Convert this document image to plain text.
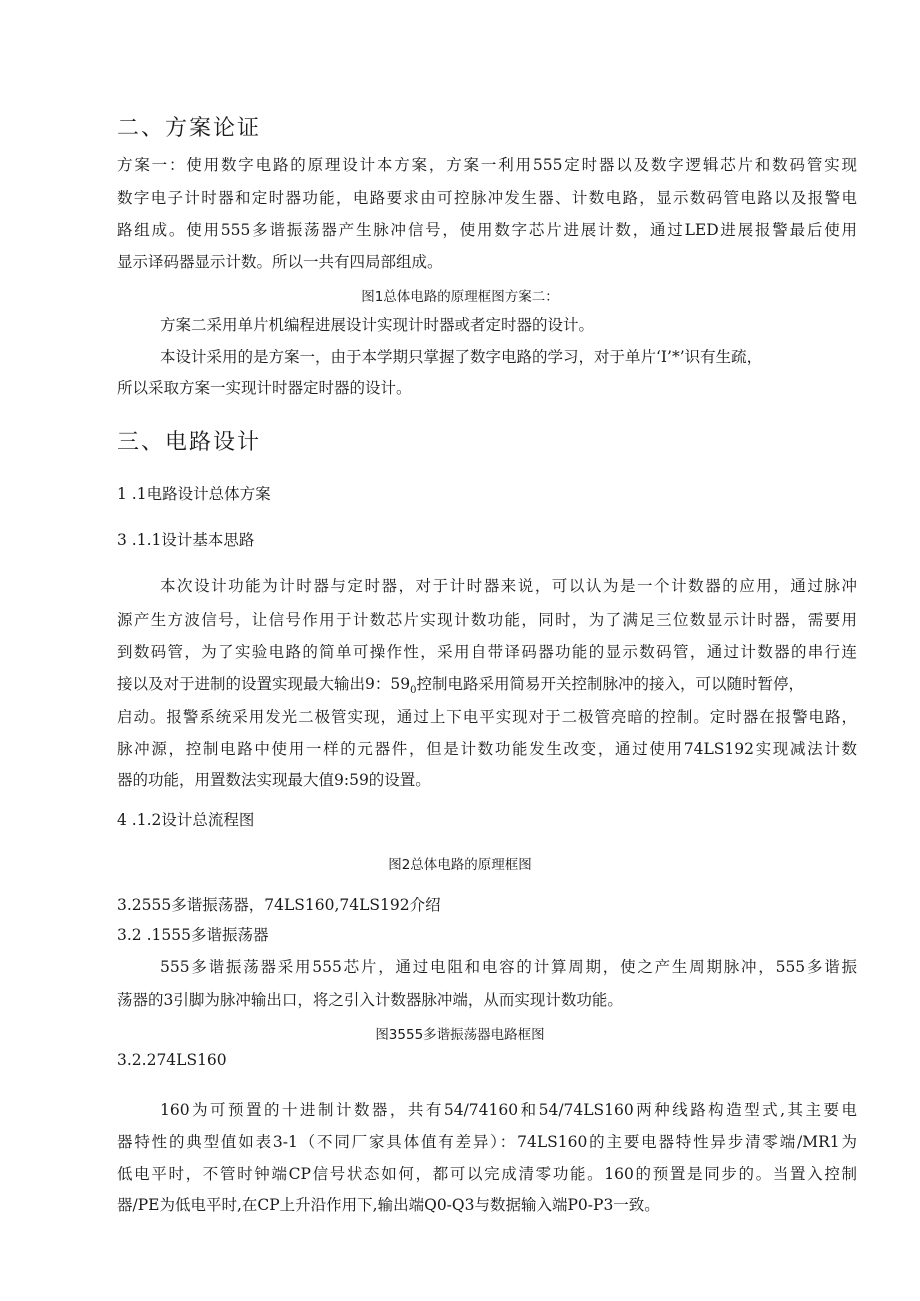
二、方案论证
方案一：使用数字电路的原理设计本方案，方案一利用555定时器以及数字逻辑芯片和数码管实现
数字电子计时器和定时器功能，电路要求由可控脉冲发生器、计数电路，显示数码管电路以及报警电
路组成。使用555多谐振荡器产生脉冲信号，使用数字芯片进展计数，通过LED进展报警最后使用
显示译码器显示计数。所以一共有四局部组成。
图1总体电路的原理框图方案二：
方案二采用单片机编程进展设计实现计时器或者定时器的设计。
本设计采用的是方案一，由于本学期只掌握了数字电路的学习，对于单片‘I’*’识有生疏，
所以采取方案一实现计时器定时器的设计。
三、电路设计
1 .1电路设计总体方案
3 .1.1设计基本思路
本次设计功能为计时器与定时器，对于计时器来说，可以认为是一个计数器的应用，通过脉冲
源产生方波信号，让信号作用于计数芯片实现计数功能，同时，为了满足三位数显示计时器，需要用
到数码管，为了实验电路的简单可操作性，采用自带译码器功能的显示数码管，通过计数器的串行连
接以及对于进制的设置实现最大输出9：$59_0$控制电路采用简易开关控制脉冲的接入，可以随时暂停，
启动。报警系统采用发光二极管实现，通过上下电平实现对于二极管亮暗的控制。定时器在报警电路，
脉冲源，控制电路中使用一样的元器件，但是计数功能发生改变，通过使用74LS192实现减法计数
器的功能，用置数法实现最大值9:59的设置。
4 .1.2设计总流程图
图2总体电路的原理框图
3.2555多谐振荡器，74LS160,74LS192介绍
3.2 .1555多谐振荡器
555多谐振荡器采用555芯片，通过电阻和电容的计算周期，使之产生周期脉冲，555多谐振
荡器的3引脚为脉冲输出口，将之引入计数器脉冲端，从而实现计数功能。
图3555多谐振荡器电路框图
3.2.274LS160
160为可预置的十进制计数器，共有54/74160和54/74LS160两种线路构造型式,其主要电
器特性的典型值如表3-1（不同厂家具体值有差异）：74LS160的主要电器特性异步清零端/MR1为
低电平时，不管时钟端CP信号状态如何，都可以完成清零功能。160的预置是同步的。当置入控制
器/PE为低电平时,在CP上升沿作用下,输出端Q0-Q3与数据输入端P0-P3一致。
